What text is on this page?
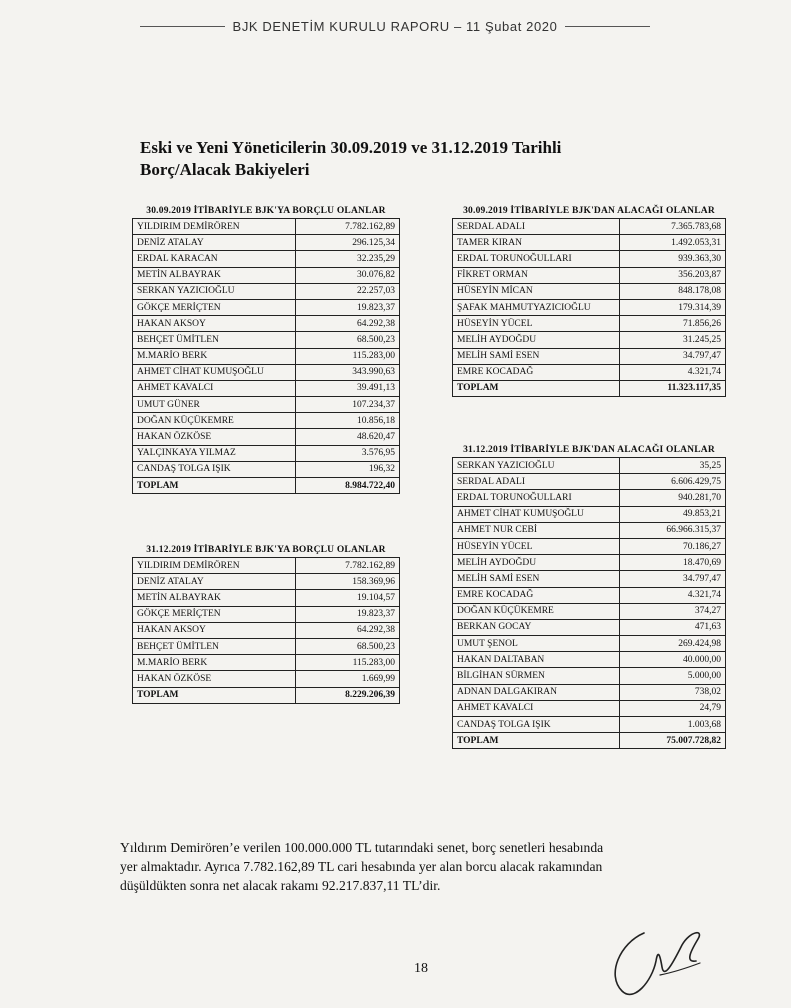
BJK DENETİM KURULU RAPORU – 11 Şubat 2020
Eski ve Yeni Yöneticilerin 30.09.2019 ve 31.12.2019 Tarihli
Borç/Alacak Bakiyeleri
30.09.2019 İTİBARİYLE BJK'YA BORÇLU OLANLAR
YILDIRIM DEMİRÖREN	7.782.162,89
DENİZ ATALAY	296.125,34
ERDAL KARACAN	32.235,29
METİN ALBAYRAK	30.076,82
SERKAN YAZICIOĞLU	22.257,03
GÖKÇE MERİÇTEN	19.823,37
HAKAN AKSOY	64.292,38
BEHÇET ÜMİTLEN	68.500,23
M.MARİO BERK	115.283,00
AHMET CİHAT KUMUŞOĞLU	343.990,63
AHMET KAVALCI	39.491,13
UMUT GÜNER	107.234,37
DOĞAN KÜÇÜKEMRE	10.856,18
HAKAN ÖZKÖSE	48.620,47
YALÇINKAYA YILMAZ	3.576,95
CANDAŞ TOLGA IŞIK	196,32
TOPLAM	8.984.722,40
30.09.2019 İTİBARİYLE BJK'DAN ALACAĞI OLANLAR
SERDAL ADALI	7.365.783,68
TAMER KIRAN	1.492.053,31
ERDAL TORUNOĞULLARI	939.363,30
FİKRET ORMAN	356.203,87
HÜSEYİN MİCAN	848.178,08
ŞAFAK MAHMUTYAZICIOĞLU	179.314,39
HÜSEYİN YÜCEL	71.856,26
MELİH AYDOĞDU	31.245,25
MELİH SAMİ ESEN	34.797,47
EMRE KOCADAĞ	4.321,74
TOPLAM	11.323.117,35
31.12.2019 İTİBARİYLE BJK'YA BORÇLU OLANLAR
YILDIRIM DEMİRÖREN	7.782.162,89
DENİZ ATALAY	158.369,96
METİN ALBAYRAK	19.104,57
GÖKÇE MERİÇTEN	19.823,37
HAKAN AKSOY	64.292,38
BEHÇET ÜMİTLEN	68.500,23
M.MARİO BERK	115.283,00
HAKAN ÖZKÖSE	1.669,99
TOPLAM	8.229.206,39
31.12.2019 İTİBARİYLE BJK'DAN ALACAĞI OLANLAR
SERKAN YAZICIOĞLU	35,25
SERDAL ADALI	6.606.429,75
ERDAL TORUNOĞULLARI	940.281,70
AHMET CİHAT KUMUŞOĞLU	49.853,21
AHMET NUR CEBİ	66.966.315,37
HÜSEYİN YÜCEL	70.186,27
MELİH AYDOĞDU	18.470,69
MELİH SAMİ ESEN	34.797,47
EMRE KOCADAĞ	4.321,74
DOĞAN KÜÇÜKEMRE	374,27
BERKAN GOCAY	471,63
UMUT ŞENOL	269.424,98
HAKAN DALTABAN	40.000,00
BİLGİHAN SÜRMEN	5.000,00
ADNAN DALGAKIRAN	738,02
AHMET KAVALCI	24,79
CANDAŞ TOLGA IŞIK	1.003,68
TOPLAM	75.007.728,82
Yıldırım Demirören’e verilen 100.000.000 TL tutarındaki senet, borç senetleri hesabında
yer almaktadır. Ayrıca 7.782.162,89 TL cari hesabında yer alan borcu alacak rakamından
düşüldükten sonra net alacak rakamı 92.217.837,11 TL’dir.
18
